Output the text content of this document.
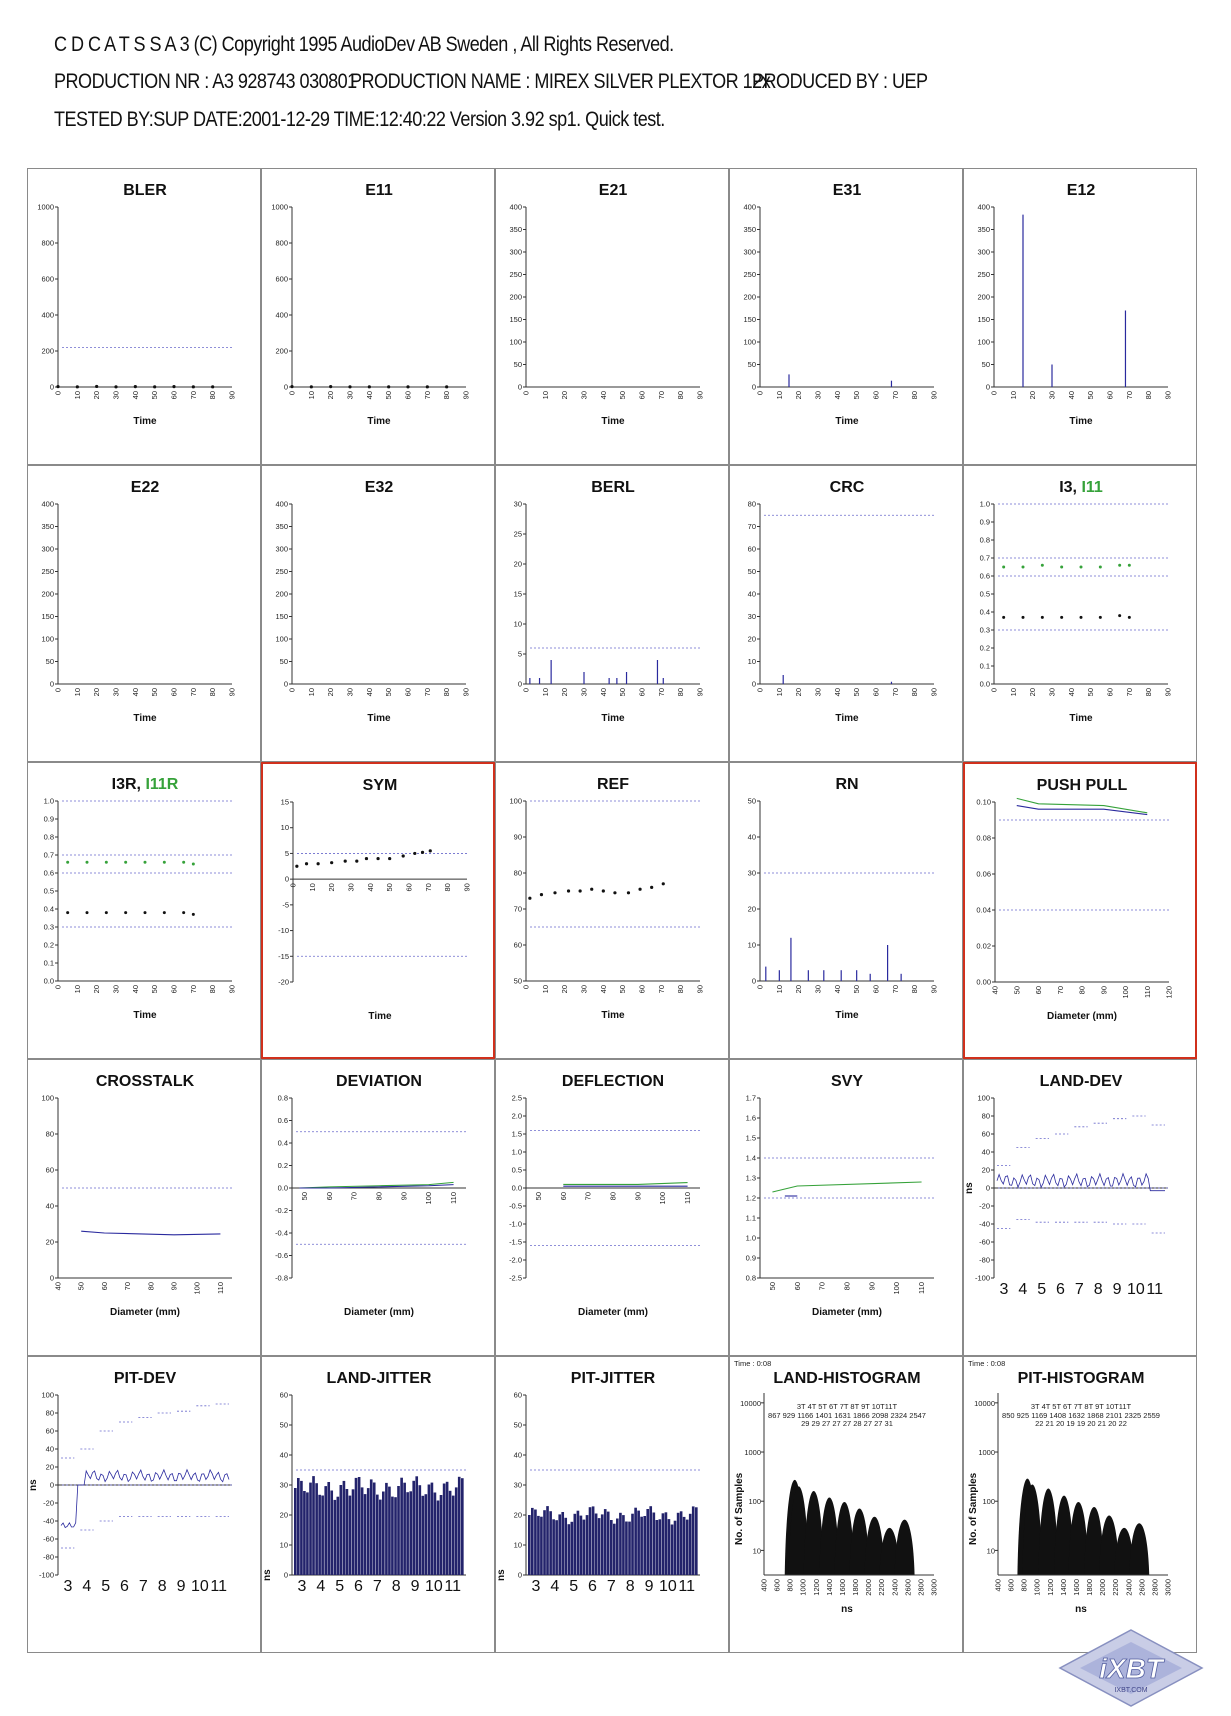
C D C A T S S A 3 (C) Copyright 1995 AudioDev AB Sweden , All Rights Reserved.
PRODUCTION NR : A3 928743 030801
PRODUCTION NAME : MIREX SILVER PLEXTOR 12x
PRODUCED BY : UEP
TESTED BY:SUP DATE:2001-12-29 TIME:12:40:22 Version 3.92 sp1. Quick test.
BLER
0
200
400
600
800
1000
0 10 20 30 40 50 60 70 80 90
Time
E11
0
200
400
600
800
1000
0 10 20 30 40 50 60 70 80 90
Time
E21
0
50
100
150
200
250
300
350
400
0 10 20 30 40 50 60 70 80 90
Time
E31
0
50
100
150
200
250
300
350
400
0 10 20 30 40 50 60 70 80 90
Time
E12
0
50
100
150
200
250
300
350
400
0 10 20 30 40 50 60 70 80 90
Time
E22
0
50
100
150
200
250
300
350
400
0 10 20 30 40 50 60 70 80 90
Time
E32
0
50
100
150
200
250
300
350
400
0 10 20 30 40 50 60 70 80 90
Time
BERL
0
5
10
15
20
25
30
0 10 20 30 40 50 60 70 80 90
Time
CRC
0
10
20
30
40
50
60
70
80
0 10 20 30 40 50 60 70 80 90
Time
I3, I11
0.0
0.1
0.2
0.3
0.4
0.5
0.6
0.7
0.8
0.9
1.0
0 10 20 30 40 50 60 70 80 90
Time
I3R, I11R
0.0
0.1
0.2
0.3
0.4
0.5
0.6
0.7
0.8
0.9
1.0
0 10 20 30 40 50 60 70 80 90
Time
SYM
-20
-15
-10
-5
0
5
10
15
0 10 20 30 40 50 60 70 80 90
Time
REF
50
60
70
80
90
100
0 10 20 30 40 50 60 70 80 90
Time
RN
0
10
20
30
40
50
0 10 20 30 40 50 60 70 80 90
Time
PUSH PULL
0.00
0.02
0.04
0.06
0.08
0.10
40 50 60 70 80 90 100 110 120
Diameter (mm)
CROSSTALK
0
20
40
60
80
100
40 50 60 70 80 90 100 110
Diameter (mm)
DEVIATION
-0.8
-0.6
-0.4
-0.2
0.0
0.2
0.4
0.6
0.8
50 60 70 80 90 100 110
Diameter (mm)
DEFLECTION
-2.5
-2.0
-1.5
-1.0
-0.5
0.0
0.5
1.0
1.5
2.0
2.5
50 60 70 80 90 100 110
Diameter (mm)
SVY
0.8
0.9
1.0
1.1
1.2
1.3
1.4
1.5
1.6
1.7
50 60 70 80 90 100 110
Diameter (mm)
LAND-DEV
-100
-80
-60
-40
-20
0
20
40
60
80
100
ns
3 4 5 6 7 8 9 10 11
PIT-DEV
-100
-80
-60
-40
-20
0
20
40
60
80
100
ns
3 4 5 6 7 8 9 10 11
LAND-JITTER
0
10
20
30
40
50
60
ns
3 4 5 6 7 8 9 10 11
PIT-JITTER
0
10
20
30
40
50
60
ns
3 4 5 6 7 8 9 10 11
LAND-HISTOGRAM
Time : 0:08
10
100
1000
10000
No. of Samples
3T 4T 5T 6T 7T 8T 9T 10T11T
867 929 1166 1401 1631 1866 2098 2324 2547
29 29 27 27 27 28 27 27 31
400 600 800 1000 1200 1400 1600 1800 2000 2200 2400 2600 2800 3000
ns
PIT-HISTOGRAM
Time : 0:08
10
100
1000
10000
No. of Samples
3T 4T 5T 6T 7T 8T 9T 10T11T
850 925 1169 1408 1632 1868 2101 2325 2559
22 21 20 19 19 20 21 20 22
400 600 800 1000 1200 1400 1600 1800 2000 2200 2400 2600 2800 3000
ns
iXBT
IXBT.COM
